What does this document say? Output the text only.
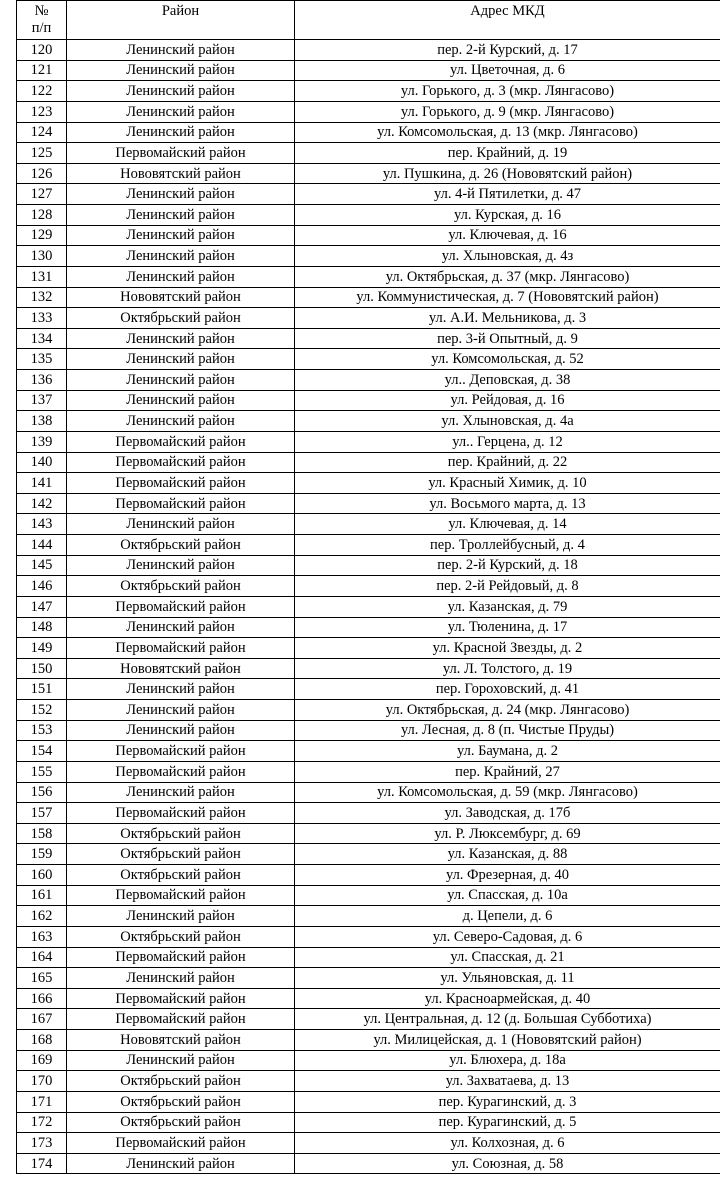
№
п/п	Район	Адрес МКД
120	Ленинский район	пер. 2-й Курский, д. 17
121	Ленинский район	ул. Цветочная, д. 6
122	Ленинский район	ул. Горького, д. 3 (мкр. Лянгасово)
123	Ленинский район	ул. Горького, д. 9 (мкр. Лянгасово)
124	Ленинский район	ул. Комсомольская, д. 13 (мкр. Лянгасово)
125	Первомайский район	пер. Крайний, д. 19
126	Нововятский район	ул. Пушкина, д. 26 (Нововятский район)
127	Ленинский район	ул. 4-й Пятилетки, д. 47
128	Ленинский район	ул. Курская, д. 16
129	Ленинский район	ул. Ключевая, д. 16
130	Ленинский район	ул. Хлыновская, д. 4з
131	Ленинский район	ул. Октябрьская, д. 37 (мкр. Лянгасово)
132	Нововятский район	ул. Коммунистическая, д. 7 (Нововятский район)
133	Октябрьский район	ул. А.И. Мельникова, д. 3
134	Ленинский район	пер. 3-й Опытный, д. 9
135	Ленинский район	ул. Комсомольская, д. 52
136	Ленинский район	ул.. Деповская, д. 38
137	Ленинский район	ул. Рейдовая, д. 16
138	Ленинский район	ул. Хлыновская, д. 4а
139	Первомайский район	ул.. Герцена, д. 12
140	Первомайский район	пер. Крайний, д. 22
141	Первомайский район	ул. Красный Химик, д. 10
142	Первомайский район	ул. Восьмого марта, д. 13
143	Ленинский район	ул. Ключевая, д. 14
144	Октябрьский район	пер. Троллейбусный, д. 4
145	Ленинский район	пер. 2-й Курский, д. 18
146	Октябрьский район	пер. 2-й Рейдовый, д. 8
147	Первомайский район	ул. Казанская, д. 79
148	Ленинский район	ул. Тюленина, д. 17
149	Первомайский район	ул. Красной Звезды, д. 2
150	Нововятский район	ул. Л. Толстого, д. 19
151	Ленинский район	пер. Гороховский, д. 41
152	Ленинский район	ул. Октябрьская, д. 24 (мкр. Лянгасово)
153	Ленинский район	ул. Лесная, д. 8 (п. Чистые Пруды)
154	Первомайский район	ул. Баумана, д. 2
155	Первомайский район	пер. Крайний, 27
156	Ленинский район	ул. Комсомольская, д. 59 (мкр. Лянгасово)
157	Первомайский район	ул. Заводская, д. 17б
158	Октябрьский район	ул. Р. Люксембург, д. 69
159	Октябрьский район	ул. Казанская, д. 88
160	Октябрьский район	ул. Фрезерная, д. 40
161	Первомайский район	ул. Спасская, д. 10а
162	Ленинский район	д. Цепели, д. 6
163	Октябрьский район	ул. Северо-Садовая, д. 6
164	Первомайский район	ул. Спасская, д. 21
165	Ленинский район	ул. Ульяновская, д. 11
166	Первомайский район	ул. Красноармейская, д. 40
167	Первомайский район	ул. Центральная, д. 12 (д. Большая Субботиха)
168	Нововятский район	ул. Милицейская, д. 1 (Нововятский район)
169	Ленинский район	ул. Блюхера, д. 18а
170	Октябрьский район	ул. Захватаева, д. 13
171	Октябрьский район	пер. Курагинский, д. 3
172	Октябрьский район	пер. Курагинский, д. 5
173	Первомайский район	ул. Колхозная, д. 6
174	Ленинский район	ул. Союзная, д. 58
